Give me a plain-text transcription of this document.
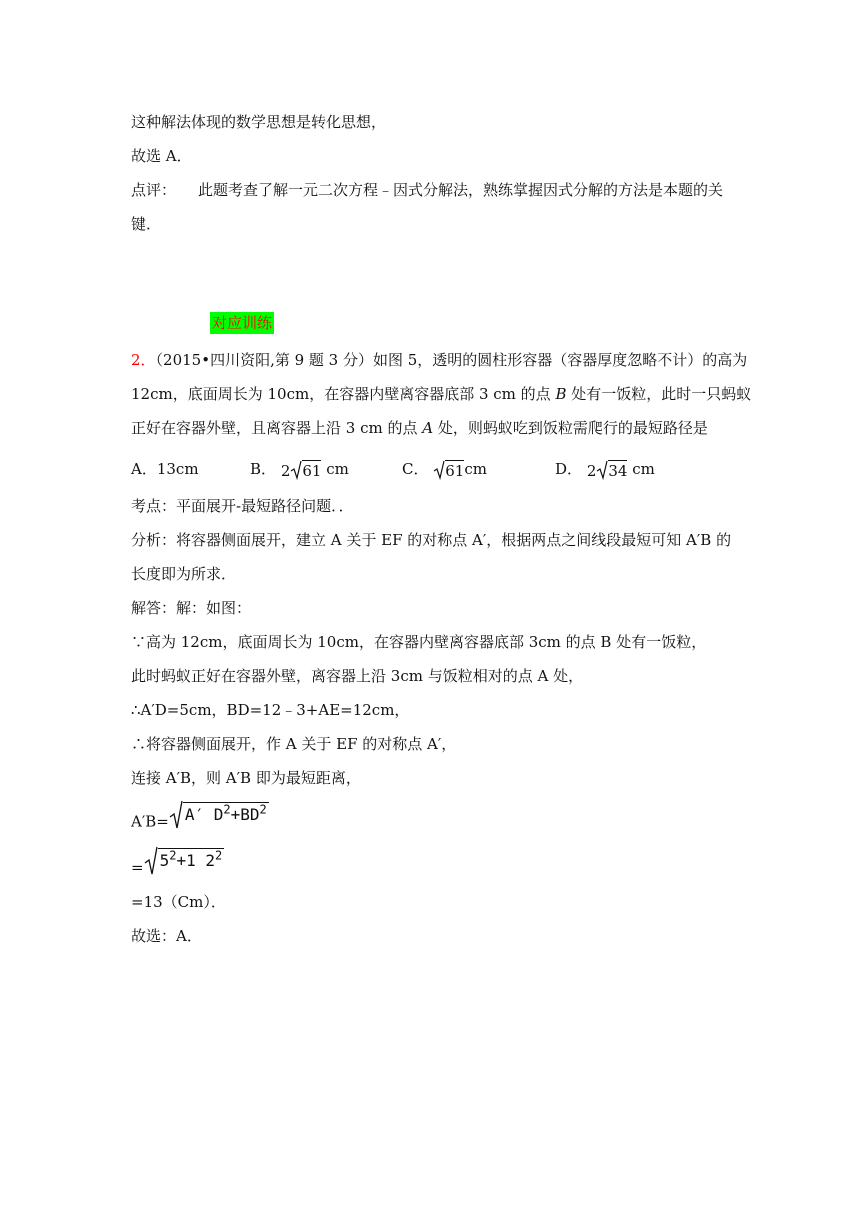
这种解法体现的数学思想是转化思想，
故选 A．
点评： 此题考查了解一元二次方程﹣因式分解法，熟练掌握因式分解的方法是本题的关
键．
对应训练
2．（2015•四川资阳,第 9 题 3 分）如图 5，透明的圆柱形容器（容器厚度忽略不计）的高为
12cm，底面周长为 10cm，在容器内壁离容器底部 3 cm 的点 B 处有一饭粒，此时一只蚂蚁
正好在容器外壁，且离容器上沿 3 cm 的点 A 处，则蚂蚁吃到饭粒需爬行的最短路径是
A．13cm	B． 2 61 cm	C． 61cm	D． 2 34 cm
考点：平面展开-最短路径问题．．
分析：将容器侧面展开，建立 A 关于 EF 的对称点 A′，根据两点之间线段最短可知 A′B 的
长度即为所求．
解答：解：如图：
∵高为 12cm，底面周长为 10cm，在容器内壁离容器底部 3cm 的点 B 处有一饭粒，
此时蚂蚁正好在容器外壁，离容器上沿 3cm 与饭粒相对的点 A 处，
∴A′D=5cm，BD=12﹣3+AE=12cm，
∴将容器侧面展开，作 A 关于 EF 的对称点 A′，
连接 A′B，则 A′B 即为最短距离，
A′B= A′ $D^2+BD^2$
= $5^2+1$ $2^2$
=13（Cm）．
故选：A．
